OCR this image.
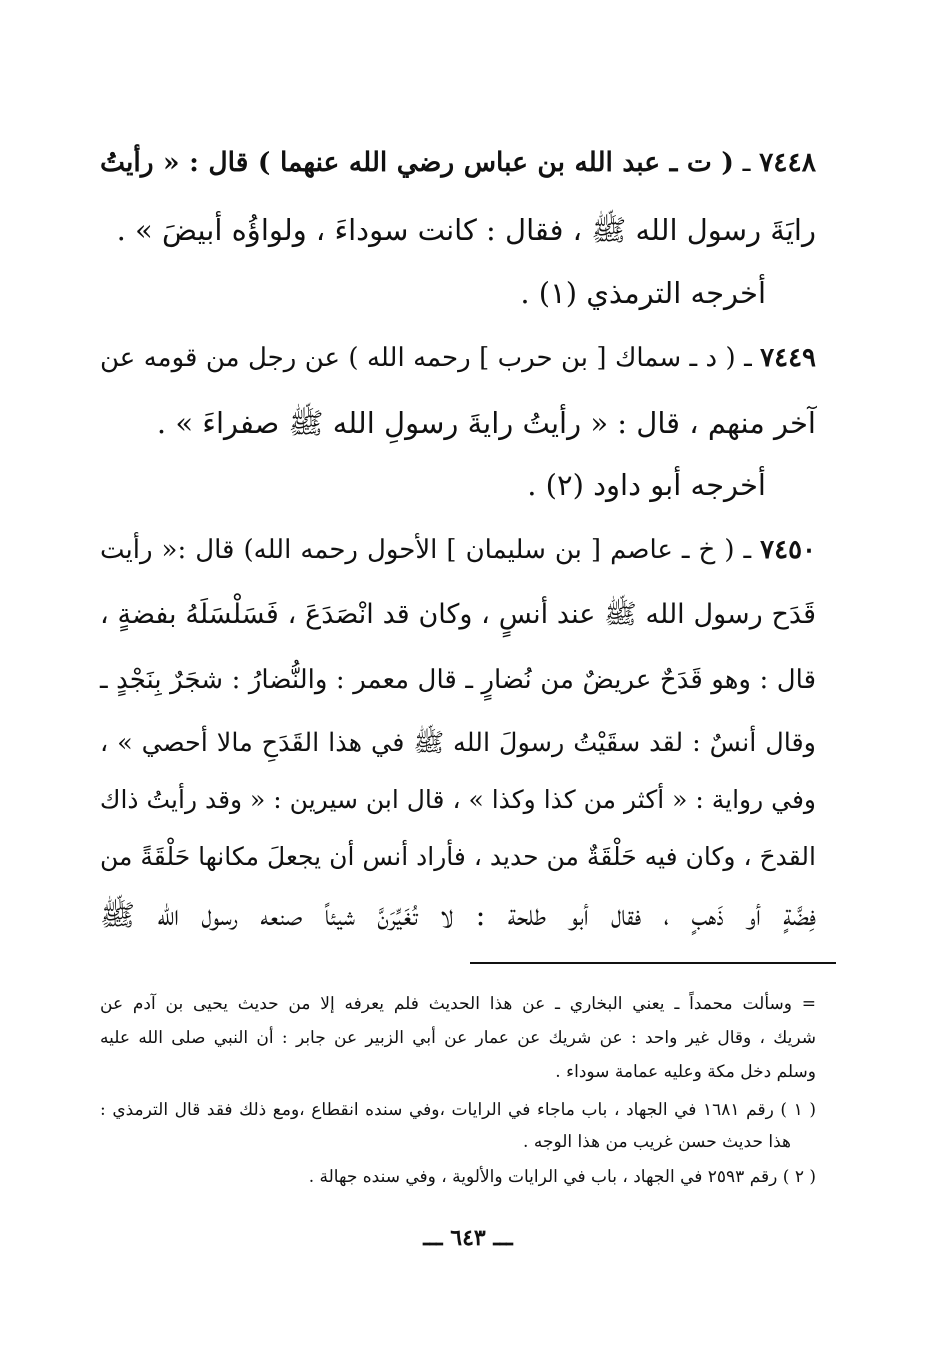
٧٤٤٨ ـ ( ت ـ عبد الله بن عباس رضي الله عنهما ) قال : « رأيتُ
رايَةَ رسول الله ﷺ ، فقال : كانت سوداءَ ، ولواؤُه أبيضَ » .
أخرجه الترمذي (١) .
٧٤٤٩ ـ ( د ـ سماك [ بن حرب ] رحمه الله ) عن رجل من قومه عن
آخر منهم ، قال : « رأيتُ رايةَ رسولِ الله ﷺ صفراءَ » .
أخرجه أبو داود (٢) .
٧٤٥٠ ـ ( خ ـ عاصم [ بن سليمان ] الأحول رحمه الله) قال :« رأيت
قَدَح رسول الله ﷺ عند أنسٍ ، وكان قد انْصَدَعَ ، فَسَلْسَلَهُ بفضةٍ ،
قال : وهو قَدَحٌ عريضٌ من نُضارٍ ـ قال معمر : والنُّضارُ : شجَرٌ بِنَجْدٍ ـ
وقال أنسٌ : لقد سقَيْتُ رسولَ الله ﷺ في هذا القَدَحِ مالا أحصي » ،
وفي رواية : « أكثر من كذا وكذا » ، قال ابن سيرين : « وقد رأيتُ ذاك
القدحَ ، وكان فيه حَلْقَةٌ من حديد ، فأراد أنس أن يجعلَ مكانها حَلْقَةً من
فِضَّةٍ أو ذَهبٍ ، فقال أبو طلحة : لا تُغَيِّرَنَّ شيئاً صنعه رسول الله ﷺ
= وسألت محمداً ـ يعني البخاري ـ عن هذا الحديث فلم يعرفه إلا من حديث يحيى بن آدم عن
شريك ، وقال غير واحد : عن شريك عن عمار عن أبي الزبير عن جابر : أن النبي صلى الله عليه
وسلم دخل مكة وعليه عمامة سوداء .
( ١ ) رقم ١٦٨١ في الجهاد ، باب ماجاء في الرايات ،وفي سنده انقطاع ،ومع ذلك فقد قال الترمذي :
هذا حديث حسن غريب من هذا الوجه .
( ٢ ) رقم ٢٥٩٣ في الجهاد ، باب في الرايات والألوية ، وفي سنده جهالة .
ـــ ٦٤٣ ـــ
